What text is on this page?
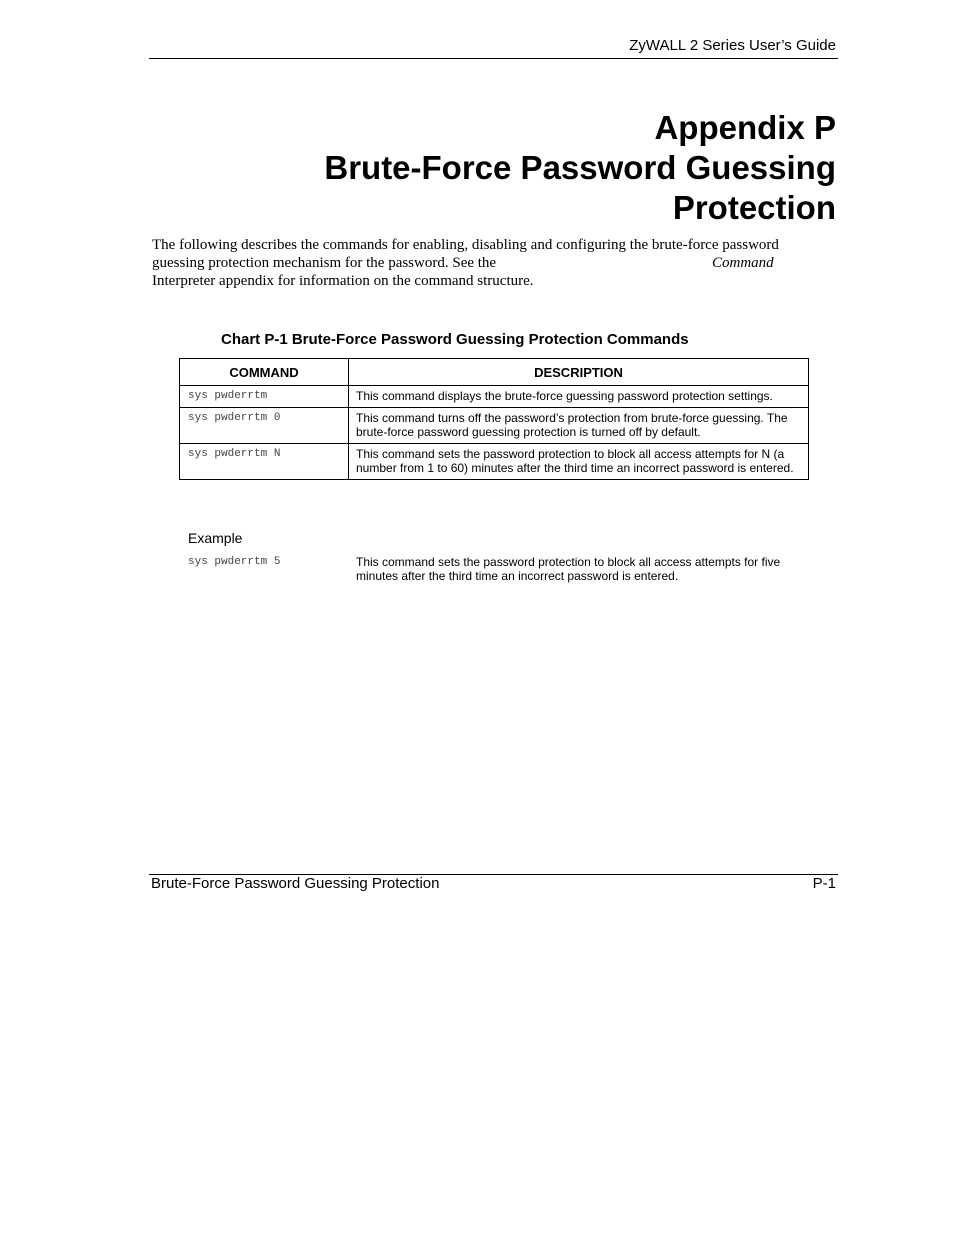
ZyWALL 2 Series User’s Guide
Appendix P
Brute-Force Password Guessing
Protection
The following describes the commands for enabling, disabling and configuring the brute-force password
guessing protection mechanism for the password. See the	Command
Interpreter appendix for information on the command structure.
Chart P-1 Brute-Force Password Guessing Protection Commands
COMMAND	DESCRIPTION
sys pwderrtm	This command displays the brute-force guessing password protection settings.
sys pwderrtm 0	This command turns off the password’s protection from brute-force guessing. The brute-force password guessing protection is turned off by default.
sys pwderrtm N	This command sets the password protection to block all access attempts for N (a number from 1 to 60) minutes after the third time an incorrect password is entered.
Example
sys pwderrtm 5	This command sets the password protection to block all access attempts for five minutes after the third time an incorrect password is entered.
Brute-Force Password Guessing Protection	P-1
